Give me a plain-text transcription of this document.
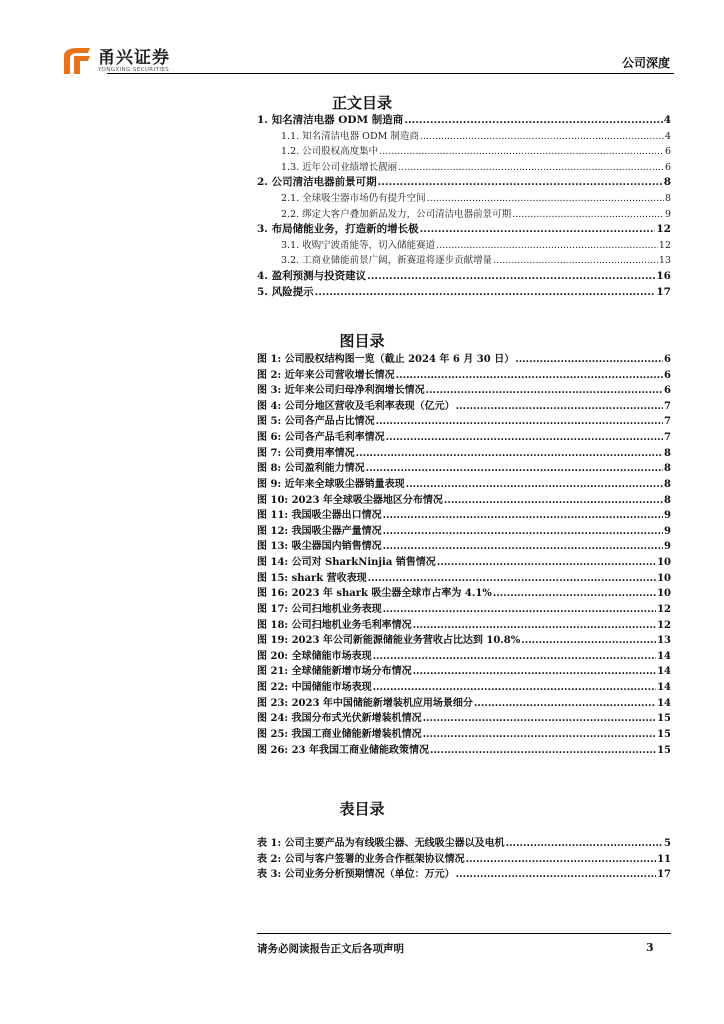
甬兴证券
YONGXING SECURITIES	公司深度
正文目录
图目录
表目录
1. 知名清洁电器 ODM 制造商 .....	4
1.1. 知名清洁电器 ODM 制造商 .....	4
1.2. 公司股权高度集中 .....	6
1.3. 近年公司业绩增长靓丽 .....	6
2. 公司清洁电器前景可期 .....	8
2.1. 全球吸尘器市场仍有提升空间 .....	8
2.2. 绑定大客户叠加新品发力，公司清洁电器前景可期 .....	9
3. 布局储能业务，打造新的增长极 .....	12
3.1. 收购宁波甬能等，切入储能赛道 .....	12
3.2. 工商业储能前景广阔，新赛道将逐步贡献增量 .....	13
4. 盈利预测与投资建议 .....	16
5. 风险提示 .....	17
图 1: 公司股权结构图一览（截止 2024 年 6 月 30 日） .....	6
图 2: 近年来公司营收增长情况 .....	6
图 3: 近年来公司归母净利润增长情况 .....	6
图 4: 公司分地区营收及毛利率表现（亿元） .....	7
图 5: 公司各产品占比情况 .....	7
图 6: 公司各产品毛利率情况 .....	7
图 7: 公司费用率情况 .....	8
图 8: 公司盈利能力情况 .....	8
图 9: 近年来全球吸尘器销量表现 .....	8
图 10: 2023 年全球吸尘器地区分布情况 .....	8
图 11: 我国吸尘器出口情况 .....	9
图 12: 我国吸尘器产量情况 .....	9
图 13: 吸尘器国内销售情况 .....	9
图 14: 公司对 SharkNinjia 销售情况 .....	10
图 15: shark 营收表现 .....	10
图 16: 2023 年 shark 吸尘器全球市占率为 4.1% .....	10
图 17: 公司扫地机业务表现 .....	12
图 18: 公司扫地机业务毛利率情况 .....	12
图 19: 2023 年公司新能源储能业务营收占比达到 10.8% .....	13
图 20: 全球储能市场表现 .....	14
图 21: 全球储能新增市场分布情况 .....	14
图 22: 中国储能市场表现 .....	14
图 23: 2023 年中国储能新增装机应用场景细分 .....	14
图 24: 我国分布式光伏新增装机情况 .....	15
图 25: 我国工商业储能新增装机情况 .....	15
图 26: 23 年我国工商业储能政策情况 .....	15
表 1: 公司主要产品为有线吸尘器、无线吸尘器以及电机 .....	5
表 2: 公司与客户签署的业务合作框架协议情况 .....	11
表 3: 公司业务分析预期情况（单位：万元） .....	17
请务必阅读报告正文后各项声明	3
